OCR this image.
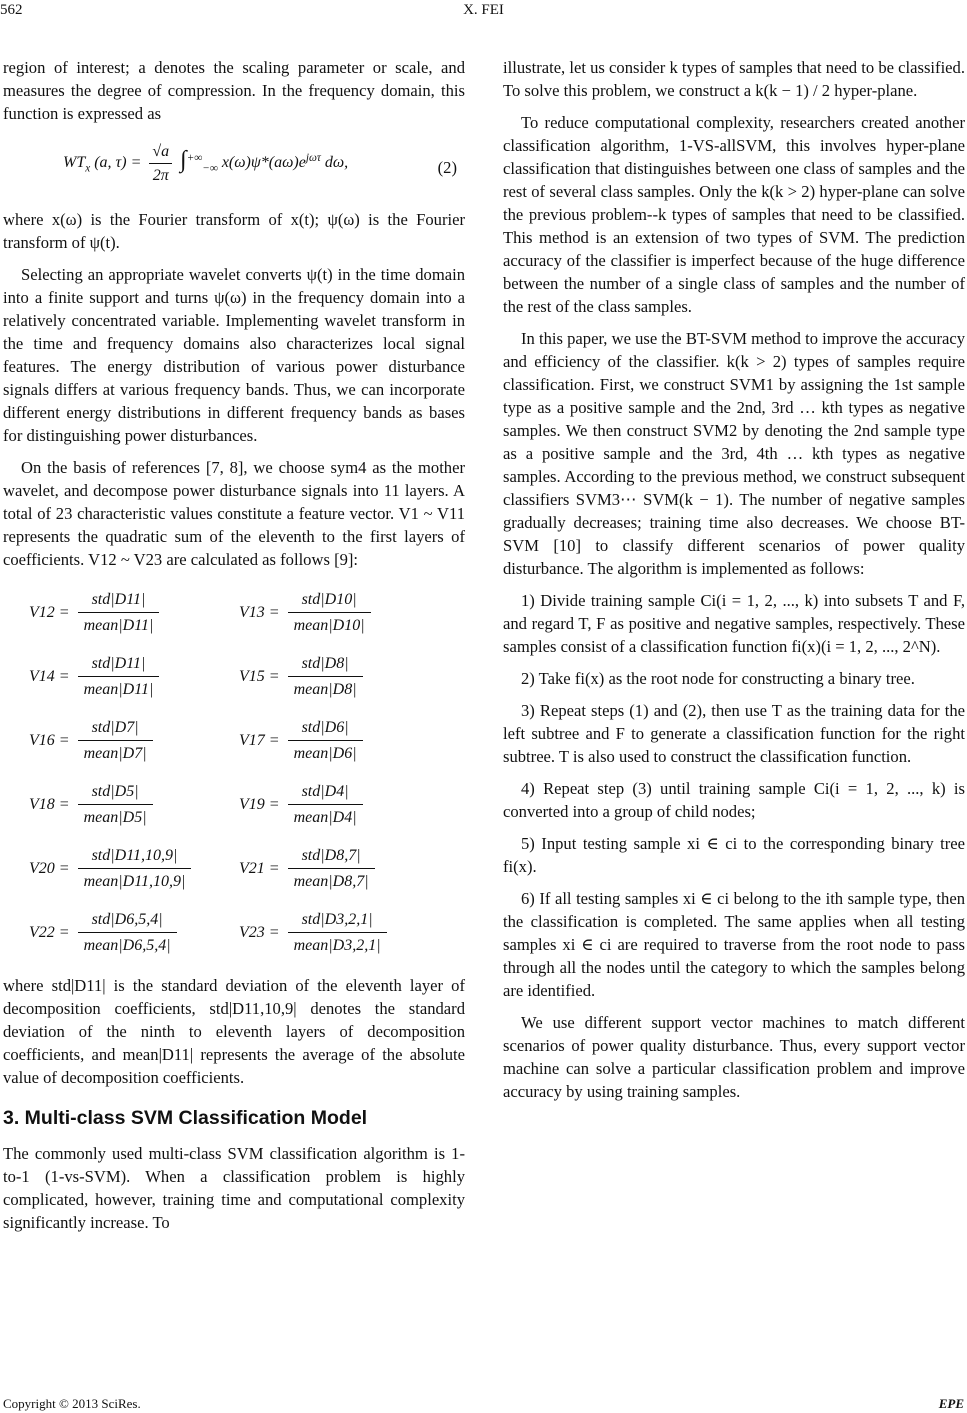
562	X. FEI

region of interest; a denotes the scaling parameter or scale, and measures the degree of compression. In the frequency domain, this function is expressed as

$WT_x$ (a, $\tau) = \frac{√a}{2\pi} \int^{+\infty}_{-\infty}$ $x(\omega)\psi*(a\omega)e^{j\omega\tau}$ dω,	(2)

where x(ω) is the Fourier transform of x(t); ψ(ω) is the Fourier transform of ψ(t).

Selecting an appropriate wavelet converts ψ(t) in the time domain into a finite support and turns ψ(ω) in the frequency domain into a relatively concentrated variable. Implementing wavelet transform in the time and frequency domains also characterizes local signal features. The energy distribution of various power disturbance signals differs at various frequency bands. Thus, we can incorporate different energy distributions in different frequency bands as bases for distinguishing power disturbances.

On the basis of references [7, 8], we choose sym4 as the mother wavelet, and decompose power disturbance signals into 11 layers. A total of 23 characteristic values constitute a feature vector. V1 ~ V11 represents the quadratic sum of the eleventh to the first layers of coefficients. V12 ~ V23 are calculated as follows [9]:

$V12 = \frac{\text{std|D11|}}{\text{mean|D11|}}$	$V13 = \frac{\text{std|D10|}}{\text{mean|D10|}}$
$V14 = \frac{\text{std|D11|}}{\text{mean|D11|}}$	$V15 = \frac{\text{std|D8|}}{\text{mean|D8|}}$
$V16 = \frac{\text{std|D7|}}{\text{mean|D7|}}$	$V17 = \frac{\text{std|D6|}}{\text{mean|D6|}}$
$V18 = \frac{\text{std|D5|}}{\text{mean|D5|}}$	$V19 = \frac{\text{std|D4|}}{\text{mean|D4|}}$
$V20 = \frac{\text{std|D11,10,9|}}{\text{mean|D11,10,9|}}$	$V21 = \frac{\text{std|D8,7|}}{\text{mean|D8,7|}}$
$V22 = \frac{\text{std|D6,5,4|}}{\text{mean|D6,5,4|}}$	$V23 = \frac{\text{std|D3,2,1|}}{\text{mean|D3,2,1|}}$

where std|D11| is the standard deviation of the eleventh layer of decomposition coefficients, std|D11,10,9| denotes the standard deviation of the ninth to eleventh layers of decomposition coefficients, and mean|D11| represents the average of the absolute value of decomposition coefficients.

3. Multi-class SVM Classification Model

The commonly used multi-class SVM classification algorithm is 1-to-1 (1-vs-SVM). When a classification problem is highly complicated, however, training time and computational complexity significantly increase. To

illustrate, let us consider k types of samples that need to be classified. To solve this problem, we construct a k(k − 1) / 2 hyper-plane.

To reduce computational complexity, researchers created another classification algorithm, 1-VS-allSVM, this involves hyper-plane classification that distinguishes between one class of samples and the rest of several class samples. Only the k(k > 2) hyper-plane can solve the previous problem--k types of samples that need to be classified. This method is an extension of two types of SVM. The prediction accuracy of the classifier is imperfect because of the huge difference between the number of a single class of samples and the number of the rest of the class samples.

In this paper, we use the BT-SVM method to improve the accuracy and efficiency of the classifier. k(k > 2) types of samples require classification. First, we construct SVM1 by assigning the 1st sample type as a positive sample and the 2nd, 3rd … kth types as negative samples. We then construct SVM2 by denoting the 2nd sample type as a positive sample and the 3rd, 4th … kth types as negative samples. According to the previous method, we construct subsequent classifiers SVM3⋯ SVM(k − 1). The number of negative samples gradually decreases; training time also decreases. We choose BT-SVM [10] to classify different scenarios of power quality disturbance. The algorithm is implemented as follows:

1) Divide training sample Ci(i = 1, 2, ..., k) into subsets T and F, and regard T, F as positive and negative samples, respectively. These samples consist of a classification function fi(x)(i = 1, 2, ..., 2^N).

2) Take fi(x) as the root node for constructing a binary tree.

3) Repeat steps (1) and (2), then use T as the training data for the left subtree and F to generate a classification function for the right subtree. T is also used to construct the classification function.

4) Repeat step (3) until training sample Ci(i = 1, 2, ..., k) is converted into a group of child nodes;

5) Input testing sample xi ∈ ci to the corresponding binary tree fi(x).

6) If all testing samples xi ∈ ci belong to the ith sample type, then the classification is completed. The same applies when all testing samples xi ∈ ci are required to traverse from the root node to pass through all the nodes until the category to which the samples belong are identified.

We use different support vector machines to match different scenarios of power quality disturbance. Thus, every support vector machine can solve a particular classification problem and improve accuracy by using training samples.

Copyright © 2013 SciRes.	EPE
